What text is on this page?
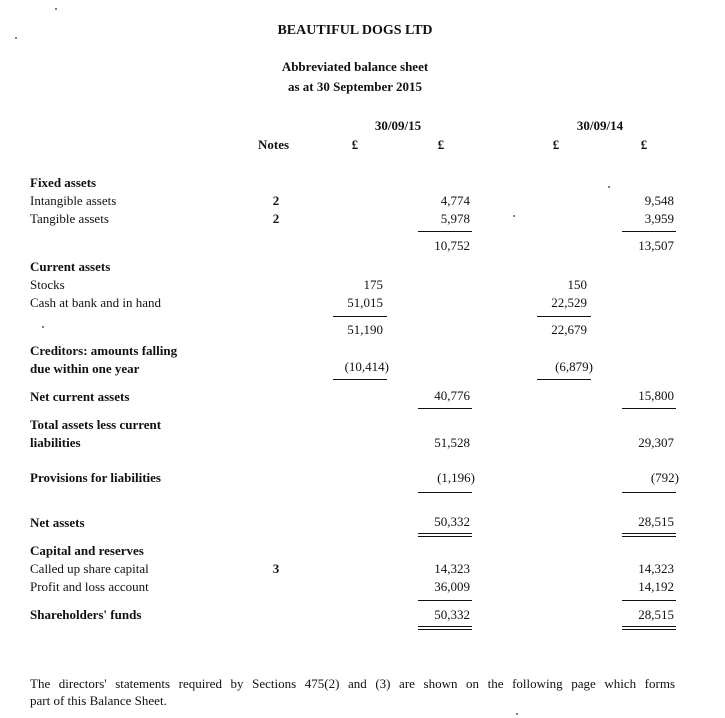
BEAUTIFUL DOGS LTD
Abbreviated balance sheet
as at 30 September 2015
30/09/15	30/09/14
Notes	£	£	£	£
Fixed assets
Intangible assets	2	4,774	9,548
Tangible assets	2	5,978	3,959
10,752	13,507
Current assets
Stocks	175	150
Cash at bank and in hand	51,015	22,529
51,190	22,679
Creditors: amounts falling
due within one year	(10,414)	(6,879)
Net current assets	40,776	15,800
Total assets less current
liabilities	51,528	29,307
Provisions for liabilities	(1,196)	(792)
Net assets	50,332	28,515
Capital and reserves
Called up share capital	3	14,323	14,323
Profit and loss account	36,009	14,192
Shareholders' funds	50,332	28,515
The directors' statements required by Sections 475(2) and (3) are shown on the following page which forms
part of this Balance Sheet.
